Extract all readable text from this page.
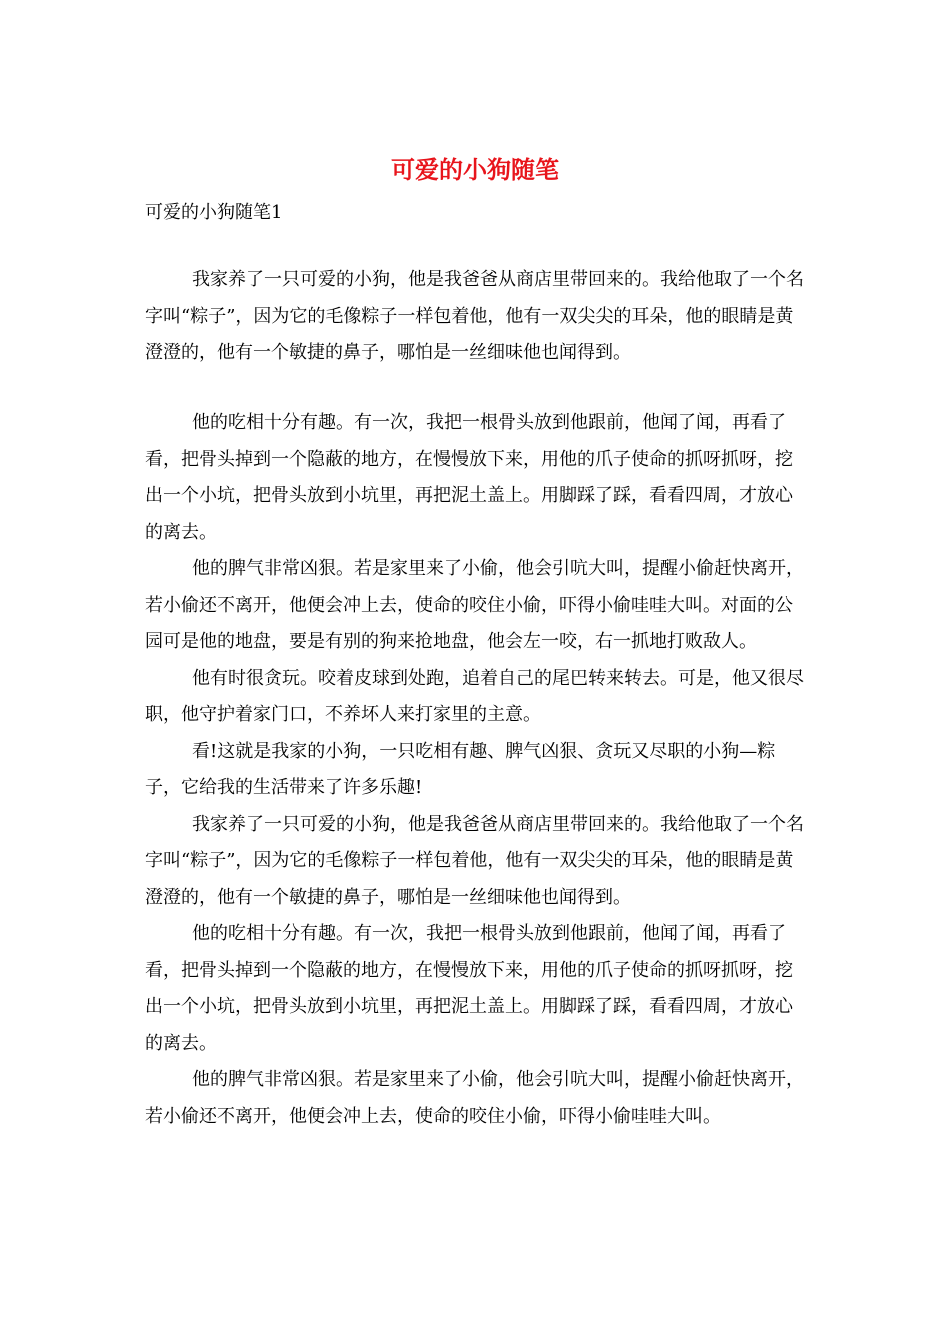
可爱的小狗随笔
可爱的小狗随笔1

我家养了一只可爱的小狗，他是我爸爸从商店里带回来的。我给他取了一个名字叫“粽子”，因为它的毛像粽子一样包着他，他有一双尖尖的耳朵，他的眼睛是黄澄澄的，他有一个敏捷的鼻子，哪怕是一丝细味他也闻得到。

他的吃相十分有趣。有一次，我把一根骨头放到他跟前，他闻了闻，再看了看，把骨头掉到一个隐蔽的地方，在慢慢放下来，用他的爪子使命的抓呀抓呀，挖出一个小坑，把骨头放到小坑里，再把泥土盖上。用脚踩了踩，看看四周，才放心的离去。

他的脾气非常凶狠。若是家里来了小偷，他会引吭大叫，提醒小偷赶快离开，若小偷还不离开，他便会冲上去，使命的咬住小偷，吓得小偷哇哇大叫。对面的公园可是他的地盘，要是有别的狗来抢地盘，他会左一咬，右一抓地打败敌人。

他有时很贪玩。咬着皮球到处跑，追着自己的尾巴转来转去。可是，他又很尽职，他守护着家门口，不养坏人来打家里的主意。

看!这就是我家的小狗，一只吃相有趣、脾气凶狠、贪玩又尽职的小狗—粽子，它给我的生活带来了许多乐趣!

我家养了一只可爱的小狗，他是我爸爸从商店里带回来的。我给他取了一个名字叫“粽子”，因为它的毛像粽子一样包着他，他有一双尖尖的耳朵，他的眼睛是黄澄澄的，他有一个敏捷的鼻子，哪怕是一丝细味他也闻得到。

他的吃相十分有趣。有一次，我把一根骨头放到他跟前，他闻了闻，再看了看，把骨头掉到一个隐蔽的地方，在慢慢放下来，用他的爪子使命的抓呀抓呀，挖出一个小坑，把骨头放到小坑里，再把泥土盖上。用脚踩了踩，看看四周，才放心的离去。

他的脾气非常凶狠。若是家里来了小偷，他会引吭大叫，提醒小偷赶快离开，若小偷还不离开，他便会冲上去，使命的咬住小偷，吓得小偷哇哇大叫。
